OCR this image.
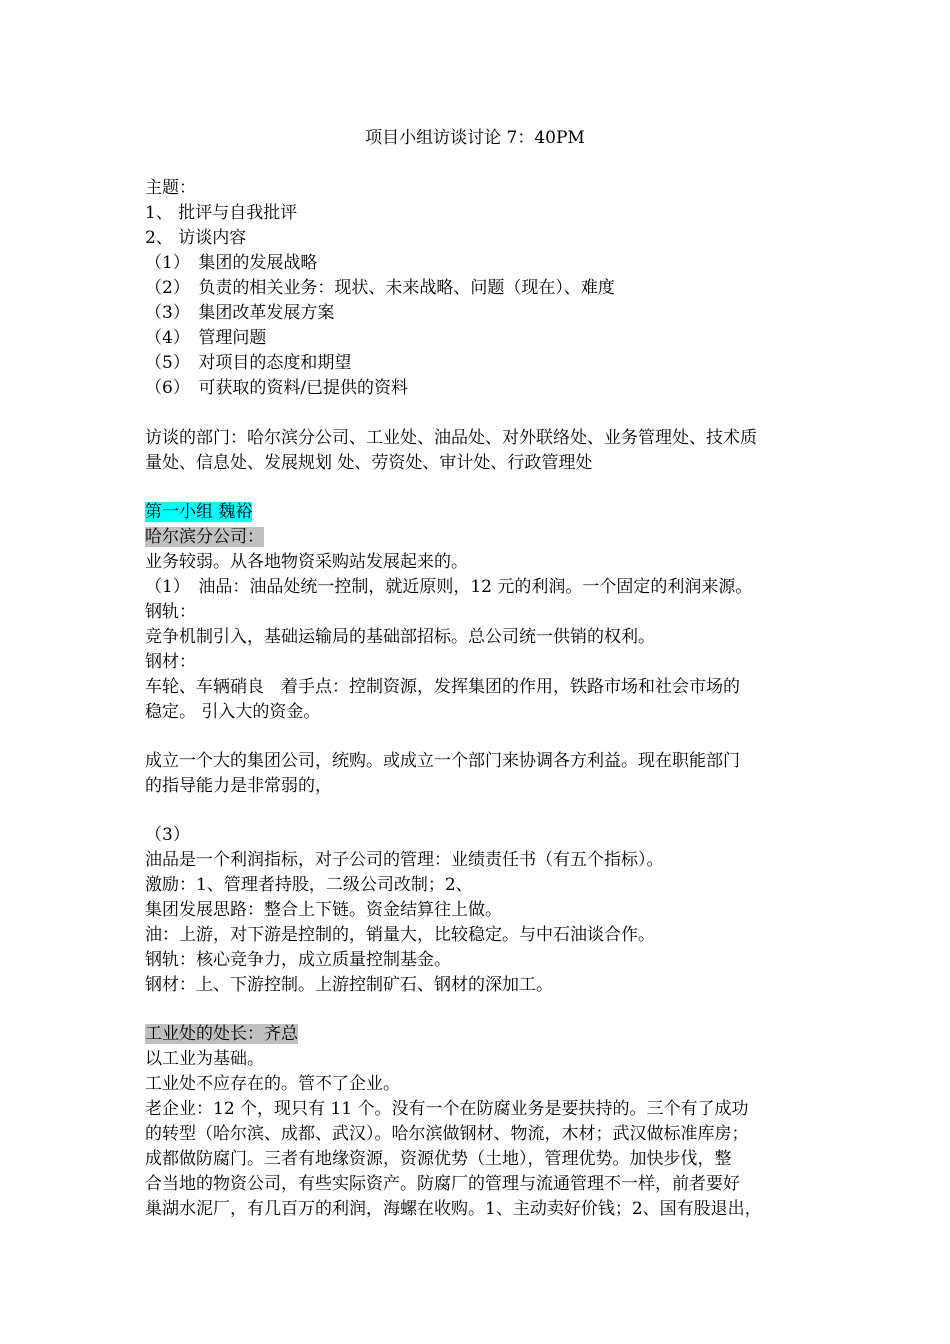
项目小组访谈讨论 7：40PM
主题：
1、 批评与自我批评
2、 访谈内容
（1）　集团的发展战略
（2）　负责的相关业务：现状、未来战略、问题（现在）、难度
（3）　集团改革发展方案
（4）　管理问题
（5）　对项目的态度和期望
（6）　可获取的资料/已提供的资料
访谈的部门：哈尔滨分公司、工业处、油品处、对外联络处、业务管理处、技术质
量处、信息处、发展规划 处、劳资处、审计处、行政管理处
第一小组 魏裕
哈尔滨分公司：
业务较弱。从各地物资采购站发展起来的。
（1）　油品：油品处统一控制，就近原则，12 元的利润。一个固定的利润来源。
钢轨：
竞争机制引入，基础运输局的基础部招标。总公司统一供销的权利。
钢材：
车轮、车辆硝良　着手点：控制资源，发挥集团的作用，铁路市场和社会市场的
稳定。 引入大的资金。
成立一个大的集团公司，统购。或成立一个部门来协调各方利益。现在职能部门
的指导能力是非常弱的，
（3）
油品是一个利润指标，对子公司的管理：业绩责任书（有五个指标）。
激励：1、管理者持股，二级公司改制；2、
集团发展思路：整合上下链。资金结算往上做。
油：上游，对下游是控制的，销量大，比较稳定。与中石油谈合作。
钢轨：核心竞争力，成立质量控制基金。
钢材：上、下游控制。上游控制矿石、钢材的深加工。
工业处的处长：齐总
以工业为基础。
工业处不应存在的。管不了企业。
老企业：12 个，现只有 11 个。没有一个在防腐业务是要扶持的。三个有了成功
的转型（哈尔滨、成都、武汉）。哈尔滨做钢材、物流，木材；武汉做标准库房；
成都做防腐门。三者有地缘资源，资源优势（土地），管理优势。加快步伐，整
合当地的物资公司，有些实际资产。防腐厂的管理与流通管理不一样，前者要好
巢湖水泥厂，有几百万的利润，海螺在收购。1、主动卖好价钱；2、国有股退出，
